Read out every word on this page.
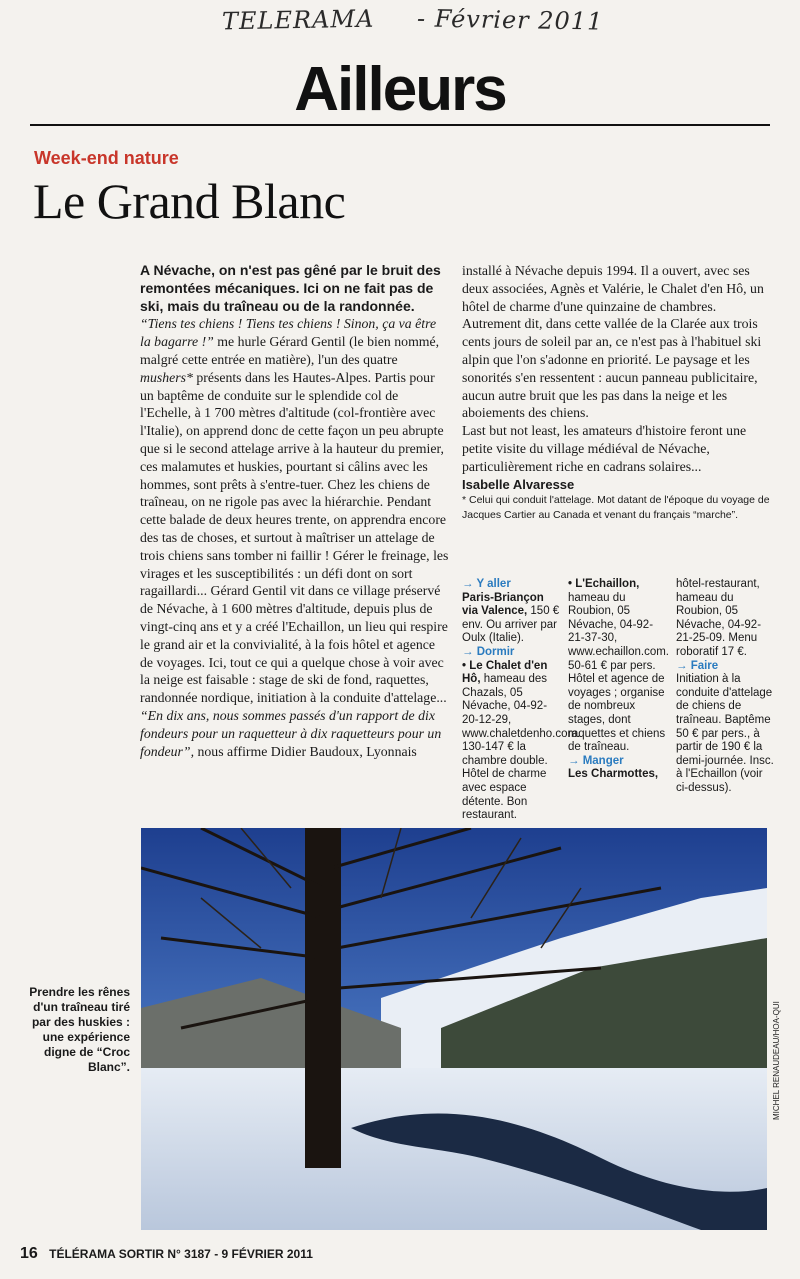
TELERAMA - Février 2011
Ailleurs
Week-end nature
Le Grand Blanc

A Névache, on n'est pas gêné par le bruit des remontées mécaniques. Ici on ne fait pas de ski, mais du traîneau ou de la randonnée.

“Tiens tes chiens ! Tiens tes chiens ! Sinon, ça va être la bagarre !” me hurle Gérard Gentil (le bien nommé, malgré cette entrée en matière), l'un des quatre mushers* présents dans les Hautes-Alpes. Partis pour un baptême de conduite sur le splendide col de l'Echelle, à 1 700 mètres d'altitude (col-frontière avec l'Italie), on apprend donc de cette façon un peu abrupte que si le second attelage arrive à la hauteur du premier, ces malamutes et huskies, pourtant si câlins avec les hommes, sont prêts à s'entre-tuer. Chez les chiens de traîneau, on ne rigole pas avec la hiérarchie. Pendant cette balade de deux heures trente, on apprendra encore des tas de choses, et surtout à maîtriser un attelage de trois chiens sans tomber ni faillir ! Gérer le freinage, les virages et les susceptibilités : un défi dont on sort ragaillardi... Gérard Gentil vit dans ce village préservé de Névache, à 1 600 mètres d'altitude, depuis plus de vingt-cinq ans et y a créé l'Echaillon, un lieu qui respire le grand air et la convivialité, à la fois hôtel et agence de voyages. Ici, tout ce qui a quelque chose à voir avec la neige est faisable : stage de ski de fond, raquettes, randonnée nordique, initiation à la conduite d'attelage...

“En dix ans, nous sommes passés d'un rapport de dix fondeurs pour un raquetteur à dix raquetteurs pour un fondeur”, nous affirme Didier Baudoux, Lyonnais

installé à Névache depuis 1994. Il a ouvert, avec ses deux associées, Agnès et Valérie, le Chalet d'en Hô, un hôtel de charme d'une quinzaine de chambres. Autrement dit, dans cette vallée de la Clarée aux trois cents jours de soleil par an, ce n'est pas à l'habituel ski alpin que l'on s'adonne en priorité. Le paysage et les sonorités s'en ressentent : aucun panneau publicitaire, aucun autre bruit que les pas dans la neige et les aboiements des chiens.

Last but not least, les amateurs d'histoire feront une petite visite du village médiéval de Névache, particulièrement riche en cadrans solaires...

Isabelle Alvaresse

* Celui qui conduit l'attelage. Mot datant de l'époque du voyage de Jacques Cartier au Canada et venant du français “marche”.

→ Y aller
Paris-Briançon via Valence, 150 € env. Ou arriver par Oulx (Italie).
→ Dormir
• Le Chalet d'en Hô, hameau des Chazals, 05 Névache, 04-92-20-12-29, www.chaletdenho.com. 130-147 € la chambre double. Hôtel de charme avec espace détente. Bon restaurant.
• L'Echaillon, hameau du Roubion, 05 Névache, 04-92-21-37-30, www.echaillon.com. 50-61 € par pers. Hôtel et agence de voyages ; organise de nombreux stages, dont raquettes et chiens de traîneau.
→ Manger
Les Charmottes,
hôtel-restaurant, hameau du Roubion, 05 Névache, 04-92-21-25-09. Menu roboratif 17 €.
→ Faire
Initiation à la conduite d'attelage de chiens de traîneau. Baptême 50 € par pers., à partir de 190 € la demi-journée. Insc. à l'Echaillon (voir ci-dessus).
Prendre les rênes d'un traîneau tiré par des huskies : une expérience digne de “Croc Blanc”.	MICHEL RENAUDEAU/HOA-QUI
16 TÉLÉRAMA SORTIR N° 3187 - 9 FÉVRIER 2011
